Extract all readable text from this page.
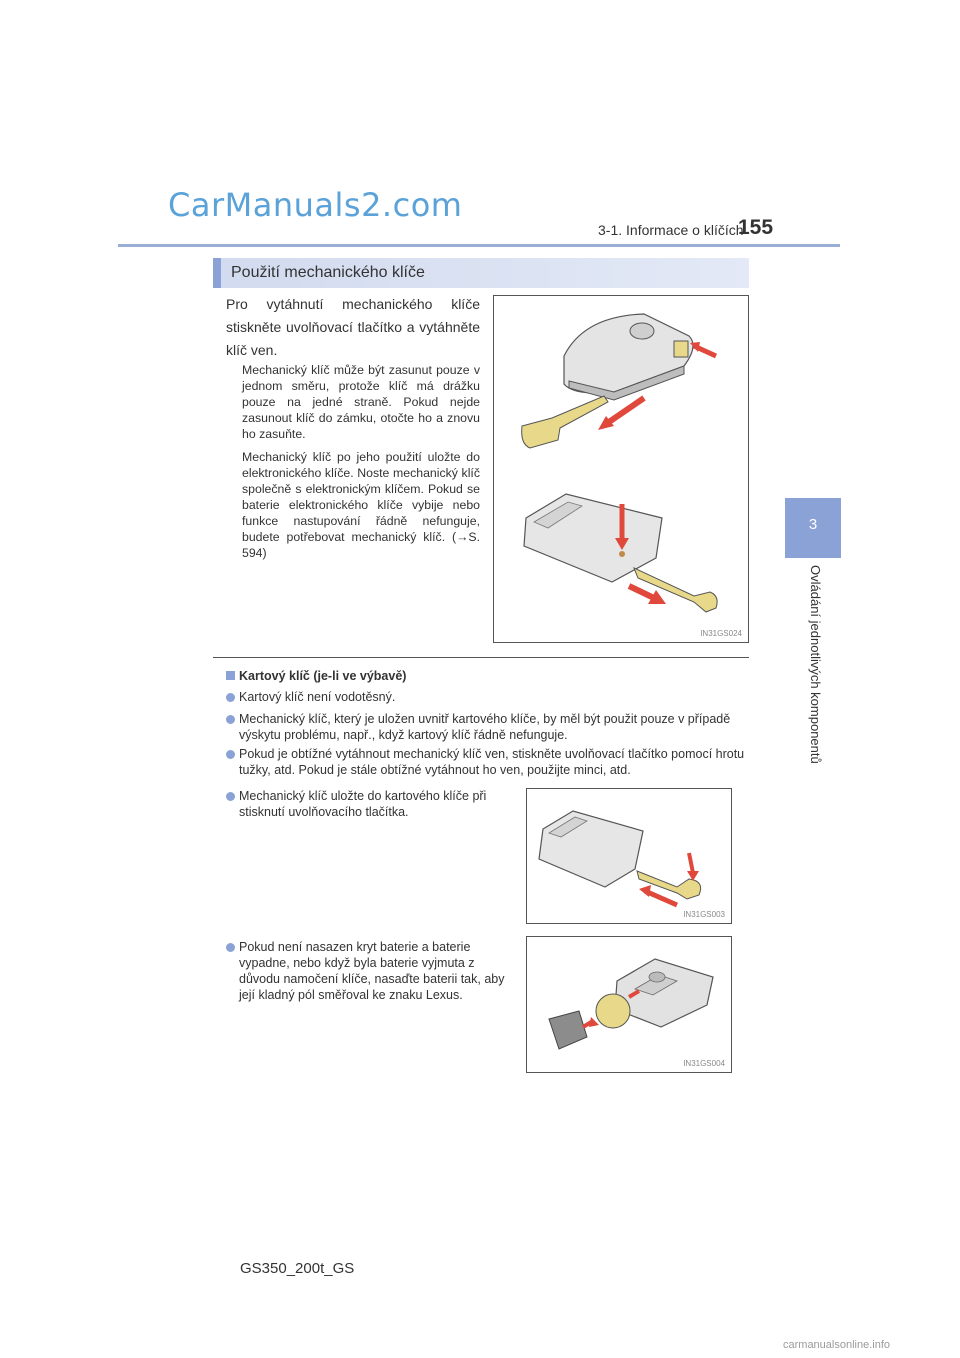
CarManuals2.com
3-1. Informace o klíčích
155
3
Ovládání jednotlivých komponentů
Použití mechanického klíče
Pro vytáhnutí mechanického klíče stiskněte uvolňovací tlačítko a vytáhněte klíč ven.
Mechanický klíč může být zasunut pouze v jednom směru, protože klíč má drážku pouze na jedné straně. Pokud nejde zasunout klíč do zámku, otočte ho a znovu ho zasuňte.
Mechanický klíč po jeho použití uložte do elektronického klíče. Noste mechanický klíč společně s elektronickým klíčem. Pokud se baterie elektronického klíče vybije nebo funkce nastupování řádně nefunguje, budete potřebovat mechanický klíč. (→S. 594)
IN31GS024
Kartový klíč (je-li ve výbavě)
Kartový klíč není vodotěsný.
Mechanický klíč, který je uložen uvnitř kartového klíče, by měl být použit pouze v případě výskytu problému, např., když kartový klíč řádně nefunguje.
Pokud je obtížné vytáhnout mechanický klíč ven, stiskněte uvolňovací tlačítko pomocí hrotu tužky, atd. Pokud je stále obtížné vytáhnout ho ven, použijte minci, atd.
Mechanický klíč uložte do kartového klíče při stisknutí uvolňovacího tlačítka.
Pokud není nasazen kryt baterie a baterie vypadne, nebo když byla baterie vyjmuta z důvodu namočení klíče, nasaďte baterii tak, aby její kladný pól směřoval ke znaku Lexus.
IN31GS003
IN31GS004
GS350_200t_GS
carmanualsonline.info
